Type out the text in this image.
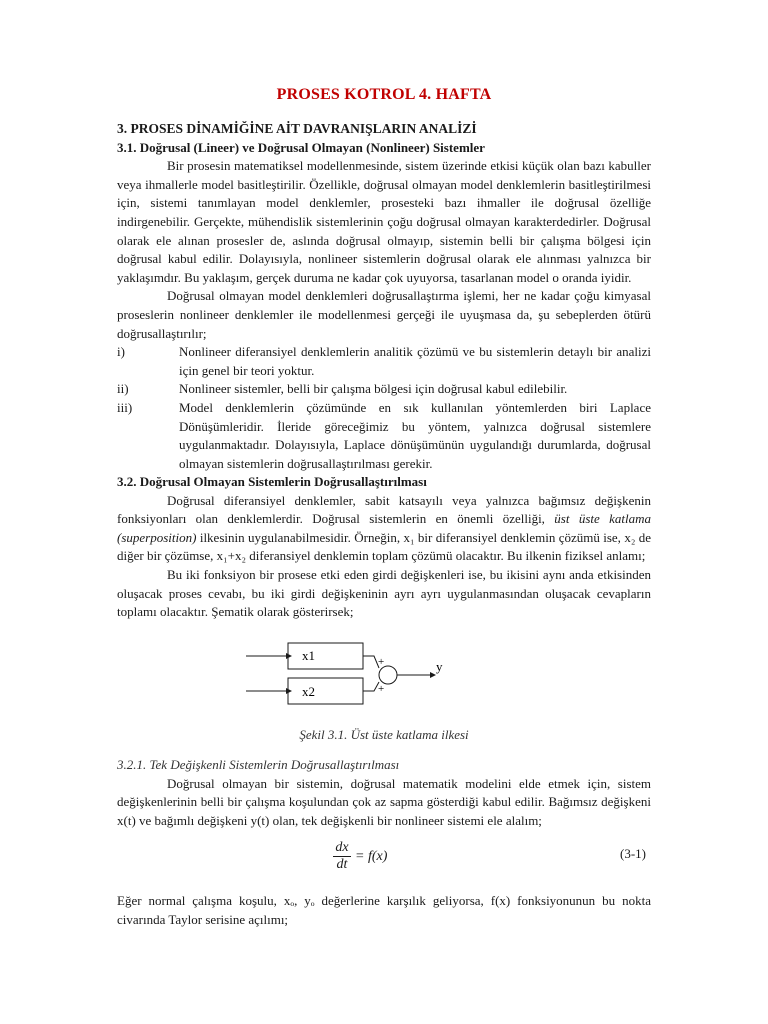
PROSES KOTROL 4. HAFTA
3. PROSES DİNAMİĞİNE AİT DAVRANIŞLARIN ANALİZİ
3.1. Doğrusal (Lineer) ve Doğrusal Olmayan (Nonlineer) Sistemler

Bir prosesin matematiksel modellenmesinde, sistem üzerinde etkisi küçük olan bazı kabuller veya ihmallerle model basitleştirilir. Özellikle, doğrusal olmayan model denklemlerin basitleştirilmesi için, sistemi tanımlayan model denklemler, prosesteki bazı ihmaller ile doğrusal özelliğe indirgenebilir. Gerçekte, mühendislik sistemlerinin çoğu doğrusal olmayan karakterdedirler. Doğrusal olarak ele alınan prosesler de, aslında doğrusal olmayıp, sistemin belli bir çalışma bölgesi için doğrusal kabul edilir. Dolayısıyla, nonlineer sistemlerin doğrusal olarak ele alınması yalnızca bir yaklaşımdır. Bu yaklaşım, gerçek duruma ne kadar çok uyuyorsa, tasarlanan model o oranda iyidir.

Doğrusal olmayan model denklemleri doğrusallaştırma işlemi, her ne kadar çoğu kimyasal proseslerin nonlineer denklemler ile modellenmesi gerçeği ile uyuşmasa da, şu sebeplerden ötürü doğrusallaştırılır;

i)	Nonlineer diferansiyel denklemlerin analitik çözümü ve bu sistemlerin detaylı bir analizi için genel bir teori yoktur.
ii)	Nonlineer sistemler, belli bir çalışma bölgesi için doğrusal kabul edilebilir.
iii)	Model denklemlerin çözümünde en sık kullanılan yöntemlerden biri Laplace Dönüşümleridir. İleride göreceğimiz bu yöntem, yalnızca doğrusal sistemlere uygulanmaktadır. Dolayısıyla, Laplace dönüşümünün uygulandığı durumlarda, doğrusal olmayan sistemlerin doğrusallaştırılması gerekir.
3.2. Doğrusal Olmayan Sistemlerin Doğrusallaştırılması

Doğrusal diferansiyel denklemler, sabit katsayılı veya yalnızca bağımsız değişkenin fonksiyonları olan denklemlerdir. Doğrusal sistemlerin en önemli özelliği, üst üste katlama (superposition) ilkesinin uygulanabilmesidir. Örneğin, x₁ bir diferansiyel denklemin çözümü ise, x₂ de diğer bir çözümse, x₁+x₂ diferansiyel denklemin toplam çözümü olacaktır. Bu ilkenin fiziksel anlamı;

Bu iki fonksiyon bir prosese etki eden girdi değişkenleri ise, bu ikisini aynı anda etkisinden oluşacak proses cevabı, bu iki girdi değişkeninin ayrı ayrı uygulanmasından oluşacak cevapların toplamı olacaktır. Şematik olarak gösterirsek;

x1
x2
+
+
y
Şekil 3.1. Üst üste katlama ilkesi
3.2.1. Tek Değişkenli Sistemlerin Doğrusallaştırılması

Doğrusal olmayan bir sistemin, doğrusal matematik modelini elde etmek için, sistem değişkenlerinin belli bir çalışma koşulundan çok az sapma gösterdiği kabul edilir. Bağımsız değişkeni x(t) ve bağımlı değişkeni y(t) olan, tek değişkenli bir nonlineer sistemi ele alalım;

$\frac{dx}{dt} = f(x)$	(3-1)

Eğer normal çalışma koşulu, xₒ, yₒ değerlerine karşılık geliyorsa, f(x) fonksiyonunun bu nokta civarında Taylor serisine açılımı;
